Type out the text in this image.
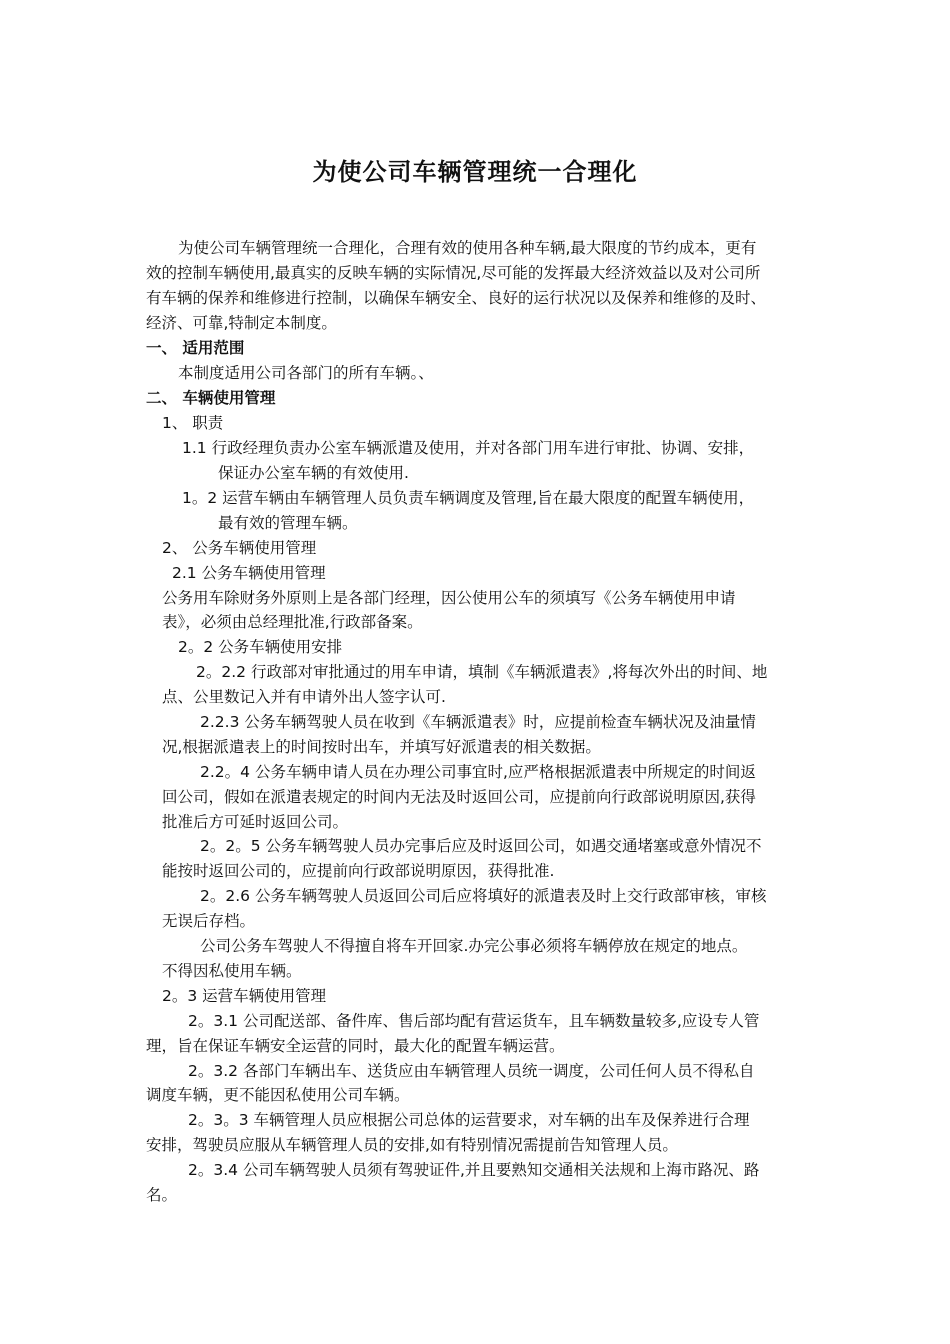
为使公司车辆管理统一合理化
为使公司车辆管理统一合理化，合理有效的使用各种车辆,最大限度的节约成本，更有
效的控制车辆使用,最真实的反映车辆的实际情况,尽可能的发挥最大经济效益以及对公司所
有车辆的保养和维修进行控制，以确保车辆安全、良好的运行状况以及保养和维修的及时、
经济、可靠,特制定本制度。
一、 适用范围
本制度适用公司各部门的所有车辆。、
二、 车辆使用管理
1、 职责
1.1 行政经理负责办公室车辆派遣及使用，并对各部门用车进行审批、协调、安排，
保证办公室车辆的有效使用.
1。2 运营车辆由车辆管理人员负责车辆调度及管理,旨在最大限度的配置车辆使用，
最有效的管理车辆。
2、 公务车辆使用管理
2.1 公务车辆使用管理
公务用车除财务外原则上是各部门经理，因公使用公车的须填写《公务车辆使用申请
表》，必须由总经理批准,行政部备案。
2。2 公务车辆使用安排
2。2.2 行政部对审批通过的用车申请，填制《车辆派遣表》,将每次外出的时间、地
点、公里数记入并有申请外出人签字认可.
2.2.3 公务车辆驾驶人员在收到《车辆派遣表》时，应提前检查车辆状况及油量情
况,根据派遣表上的时间按时出车，并填写好派遣表的相关数据。
2.2。4 公务车辆申请人员在办理公司事宜时,应严格根据派遣表中所规定的时间返
回公司，假如在派遣表规定的时间内无法及时返回公司，应提前向行政部说明原因,获得
批准后方可延时返回公司。
2。2。5 公务车辆驾驶人员办完事后应及时返回公司，如遇交通堵塞或意外情况不
能按时返回公司的，应提前向行政部说明原因，获得批准.
2。2.6 公务车辆驾驶人员返回公司后应将填好的派遣表及时上交行政部审核，审核
无误后存档。
公司公务车驾驶人不得擅自将车开回家.办完公事必须将车辆停放在规定的地点。
不得因私使用车辆。
2。3 运营车辆使用管理
2。3.1 公司配送部、备件库、售后部均配有营运货车，且车辆数量较多,应设专人管
理，旨在保证车辆安全运营的同时，最大化的配置车辆运营。
2。3.2 各部门车辆出车、送货应由车辆管理人员统一调度，公司任何人员不得私自
调度车辆，更不能因私使用公司车辆。
2。3。3 车辆管理人员应根据公司总体的运营要求，对车辆的出车及保养进行合理
安排，驾驶员应服从车辆管理人员的安排,如有特别情况需提前告知管理人员。
2。3.4 公司车辆驾驶人员须有驾驶证件,并且要熟知交通相关法规和上海市路况、路
名。
